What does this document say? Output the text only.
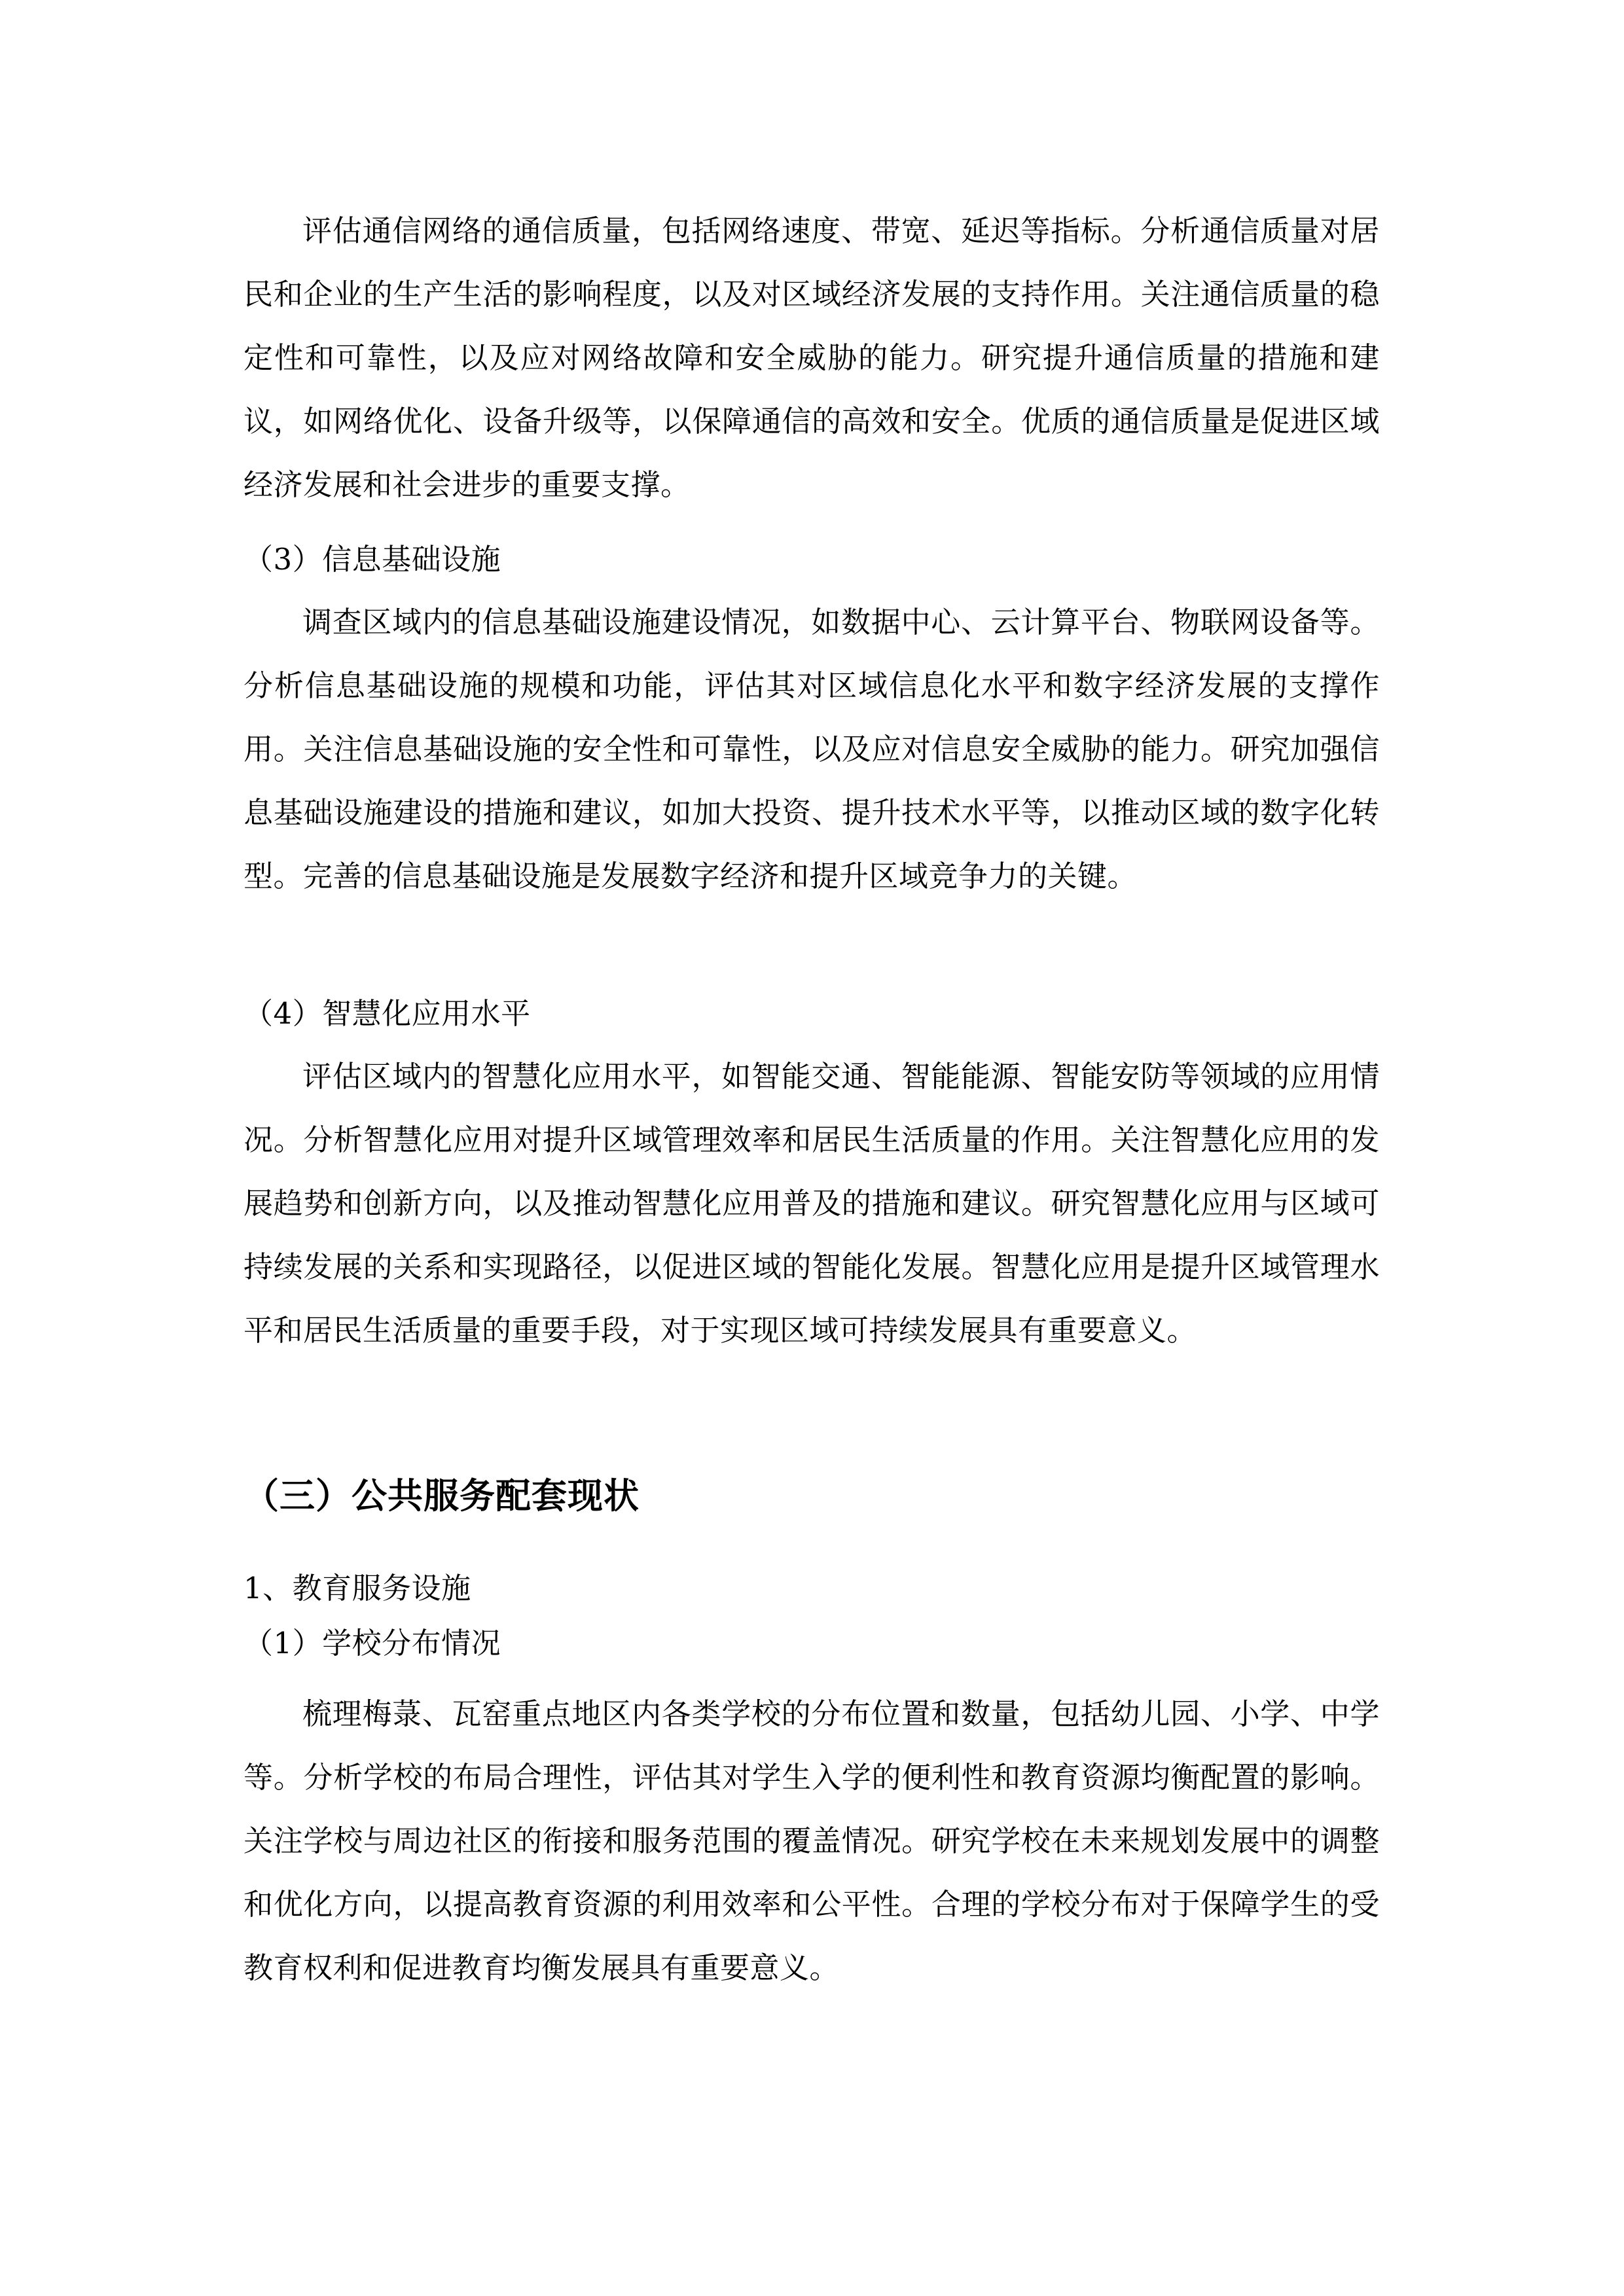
评估通信网络的通信质量，包括网络速度、带宽、延迟等指标。分析通信质量对居民和企业的生产生活的影响程度，以及对区域经济发展的支持作用。关注通信质量的稳定性和可靠性，以及应对网络故障和安全威胁的能力。研究提升通信质量的措施和建议，如网络优化、设备升级等，以保障通信的高效和安全。优质的通信质量是促进区域经济发展和社会进步的重要支撑。

（3）信息基础设施

调查区域内的信息基础设施建设情况，如数据中心、云计算平台、物联网设备等。分析信息基础设施的规模和功能，评估其对区域信息化水平和数字经济发展的支撑作用。关注信息基础设施的安全性和可靠性，以及应对信息安全威胁的能力。研究加强信息基础设施建设的措施和建议，如加大投资、提升技术水平等，以推动区域的数字化转型。完善的信息基础设施是发展数字经济和提升区域竞争力的关键。

（4）智慧化应用水平

评估区域内的智慧化应用水平，如智能交通、智能能源、智能安防等领域的应用情况。分析智慧化应用对提升区域管理效率和居民生活质量的作用。关注智慧化应用的发展趋势和创新方向，以及推动智慧化应用普及的措施和建议。研究智慧化应用与区域可持续发展的关系和实现路径，以促进区域的智能化发展。智慧化应用是提升区域管理水平和居民生活质量的重要手段，对于实现区域可持续发展具有重要意义。

（三）公共服务配套现状

1、教育服务设施

（1）学校分布情况

梳理梅菉、瓦窑重点地区内各类学校的分布位置和数量，包括幼儿园、小学、中学等。分析学校的布局合理性，评估其对学生入学的便利性和教育资源均衡配置的影响。关注学校与周边社区的衔接和服务范围的覆盖情况。研究学校在未来规划发展中的调整和优化方向，以提高教育资源的利用效率和公平性。合理的学校分布对于保障学生的受教育权利和促进教育均衡发展具有重要意义。
